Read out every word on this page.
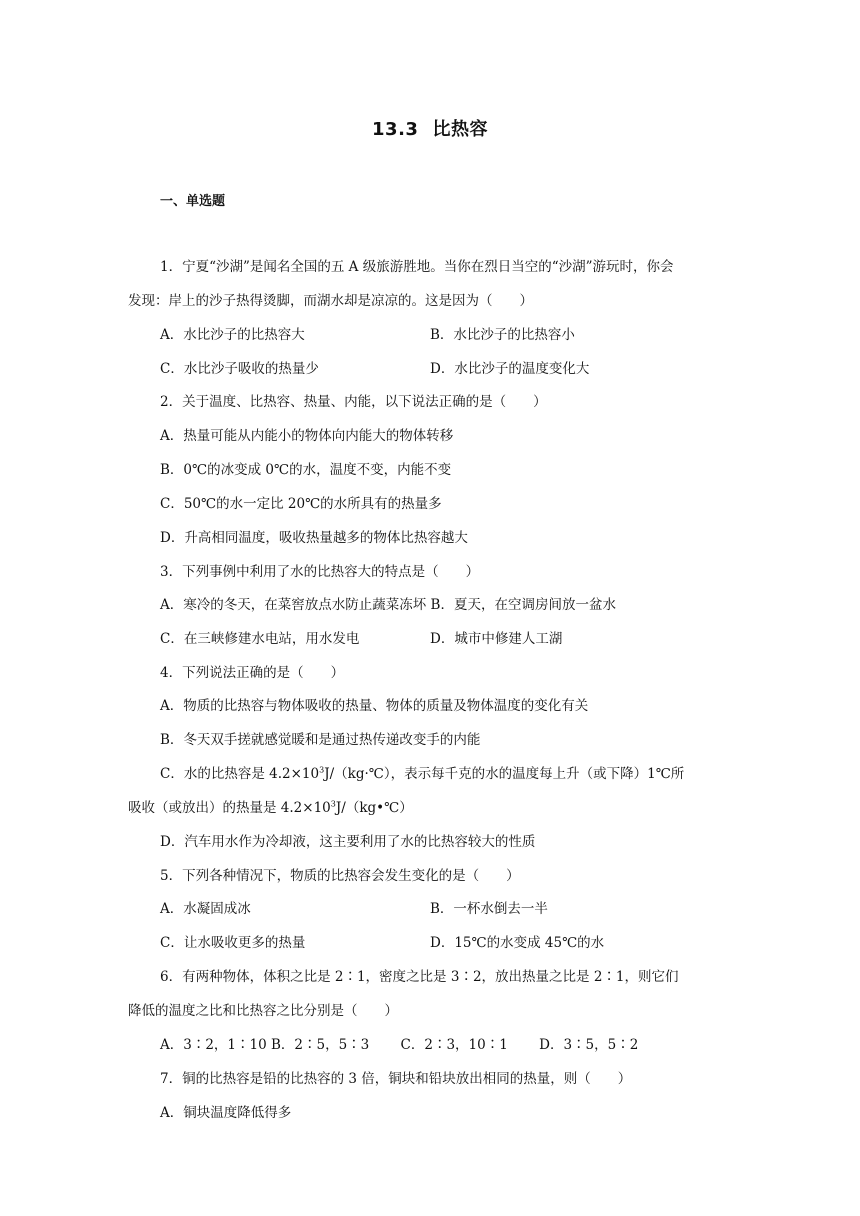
13.3 比热容
一、单选题
1．宁夏“沙湖”是闻名全国的五 A 级旅游胜地。当你在烈日当空的“沙湖”游玩时，你会
发现：岸上的沙子热得烫脚，而湖水却是凉凉的。这是因为（　　）
A．水比沙子的比热容大	B．水比沙子的比热容小
C．水比沙子吸收的热量少	D．水比沙子的温度变化大
2．关于温度、比热容、热量、内能，以下说法正确的是（　　）
A．热量可能从内能小的物体向内能大的物体转移
B．0℃的冰变成 0℃的水，温度不变，内能不变
C．50℃的水一定比 20℃的水所具有的热量多
D．升高相同温度，吸收热量越多的物体比热容越大
3．下列事例中利用了水的比热容大的特点是（　　）
A．寒冷的冬天，在菜窖放点水防止蔬菜冻坏 B．夏天，在空调房间放一盆水
C．在三峡修建水电站，用水发电	D．城市中修建人工湖
4．下列说法正确的是（　　）
A．物质的比热容与物体吸收的热量、物体的质量及物体温度的变化有关
B．冬天双手搓就感觉暖和是通过热传递改变手的内能
C．水的比热容是 $4.2\times 10^3J/(kg\cdot℃)$，表示每千克的水的温度每上升（或下降）1℃所
吸收（或放出）的热量是 $4.2\times 10^3J/(kg•℃)$
D．汽车用水作为冷却液，这主要利用了水的比热容较大的性质
5．下列各种情况下，物质的比热容会发生变化的是（　　）
A．水凝固成冰	B．一杯水倒去一半
C．让水吸收更多的热量	D．15℃的水变成 45℃的水
6．有两种物体，体积之比是 2∶1，密度之比是 3∶2，放出热量之比是 2∶1，则它们
降低的温度之比和比热容之比分别是（　　）
A．3∶2，1∶10 B．2∶5，5∶3　　 C．2∶3，10∶1　　 D．3∶5，5∶2
7．铜的比热容是铅的比热容的 3 倍，铜块和铅块放出相同的热量，则（　　）
A．铜块温度降低得多
